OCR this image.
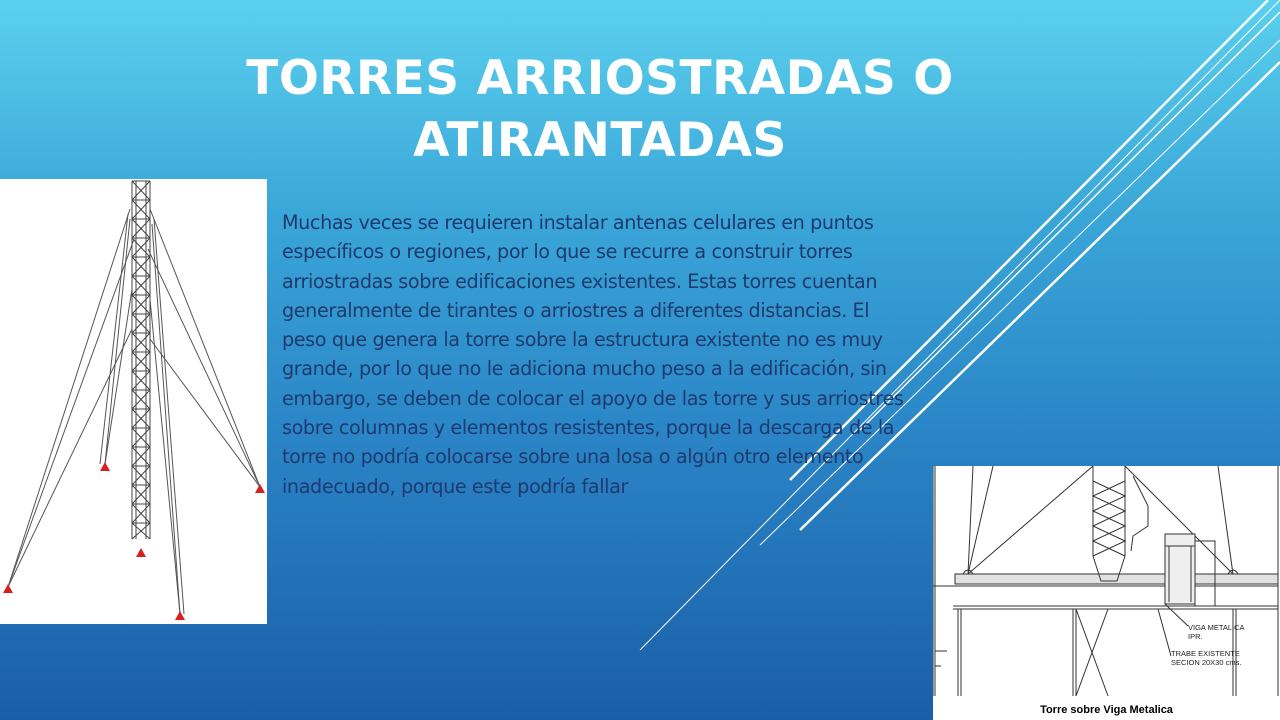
TORRES ARRIOSTRADAS O
ATIRANTADAS
Muchas veces se requieren instalar antenas celulares en puntos específicos o regiones, por lo que se recurre a construir torres arriostradas sobre edificaciones existentes. Estas torres cuentan generalmente de tirantes o arriostres a diferentes distancias. El peso que genera la torre sobre la estructura existente no es muy grande, por lo que no le adiciona mucho peso a la edificación, sin embargo, se deben de colocar el apoyo de las torre y sus arriostres sobre columnas y elementos resistentes, porque la descarga de la torre no podría colocarse sobre una losa o algún otro elemento inadecuado, porque este podría fallar
VIGA METALICA
IPR.
TRABE EXISTENTE
SECION 20X30 cms.
Torre sobre Viga Metalica
